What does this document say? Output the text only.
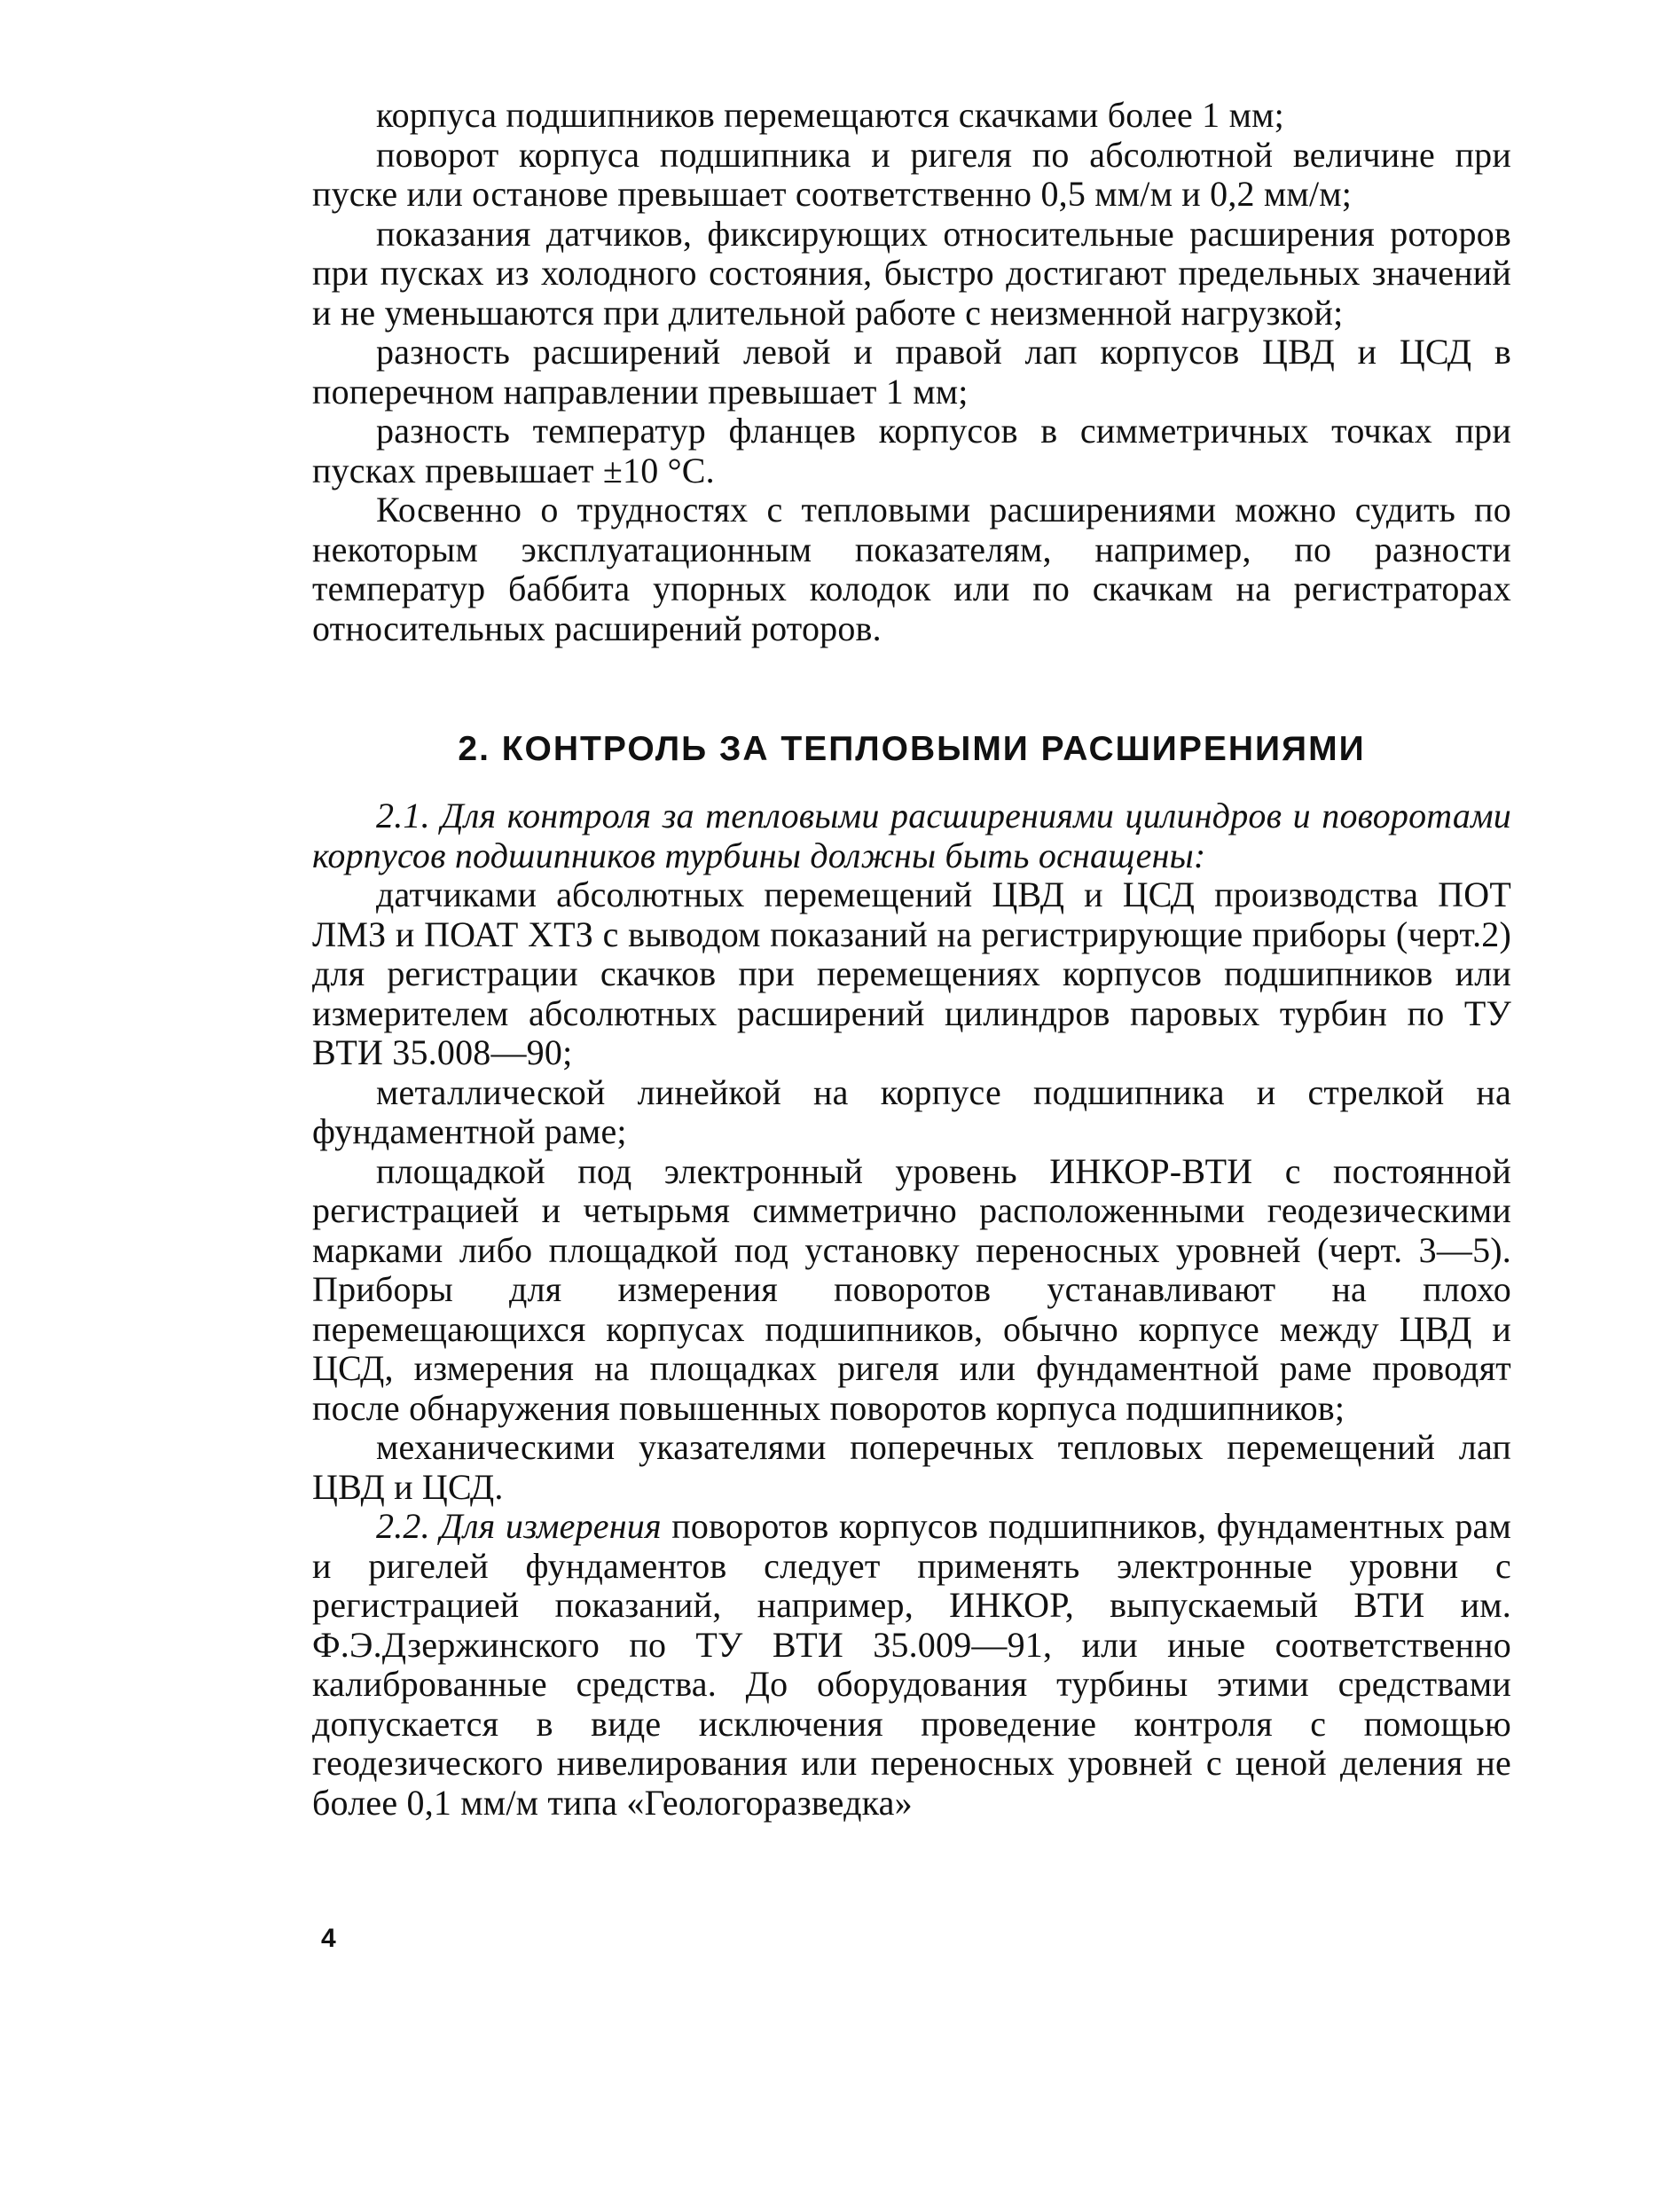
корпуса подшипников перемещаются скачками более 1 мм;

поворот корпуса подшипника и ригеля по абсолютной величине при пуске или останове превышает соответственно 0,5 мм/м и 0,2 мм/м;

показания датчиков, фиксирующих относительные расширения роторов при пусках из холодного состояния, быстро достигают предельных значений и не уменьшаются при длительной работе с неизменной нагрузкой;

разность расширений левой и правой лап корпусов ЦВД и ЦСД в поперечном направлении превышает 1 мм;

разность температур фланцев корпусов в симметричных точках при пусках превышает ±10 °С.

Косвенно о трудностях с тепловыми расширениями можно судить по некоторым эксплуатационным показателям, например, по разности температур баббита упорных колодок или по скачкам на регистраторах относительных расширений роторов.

2. КОНТРОЛЬ ЗА ТЕПЛОВЫМИ РАСШИРЕНИЯМИ

2.1. Для контроля за тепловыми расширениями цилиндров и поворотами корпусов подшипников турбины должны быть оснащены:

датчиками абсолютных перемещений ЦВД и ЦСД производства ПОТ ЛМЗ и ПОАТ ХТЗ с выводом показаний на регистрирующие приборы (черт.2) для регистрации скачков при перемещениях корпусов подшипников или измерителем абсолютных расширений цилиндров паровых турбин по ТУ ВТИ 35.008—90;

металлической линейкой на корпусе подшипника и стрелкой на фундаментной раме;

площадкой под электронный уровень ИНКОР-ВТИ с постоянной регистрацией и четырьмя симметрично расположенными геодезическими марками либо площадкой под установку переносных уровней (черт. 3—5). Приборы для измерения поворотов устанавливают на плохо перемещающихся корпусах подшипников, обычно корпусе между ЦВД и ЦСД, измерения на площадках ригеля или фундаментной раме проводят после обнаружения повышенных поворотов корпуса подшипников;

механическими указателями поперечных тепловых перемещений лап ЦВД и ЦСД.

2.2. Для измерения поворотов корпусов подшипников, фундаментных рам и ригелей фундаментов следует применять электронные уровни с регистрацией показаний, например, ИНКОР, выпускаемый ВТИ им. Ф.Э.Дзержинского по ТУ ВТИ 35.009—91, или иные соответственно калиброванные средства. До оборудования турбины этими средствами допускается в виде исключения проведение контроля с помощью геодезического нивелирования или переносных уровней с ценой деления не более 0,1 мм/м типа «Геологоразведка»

4
